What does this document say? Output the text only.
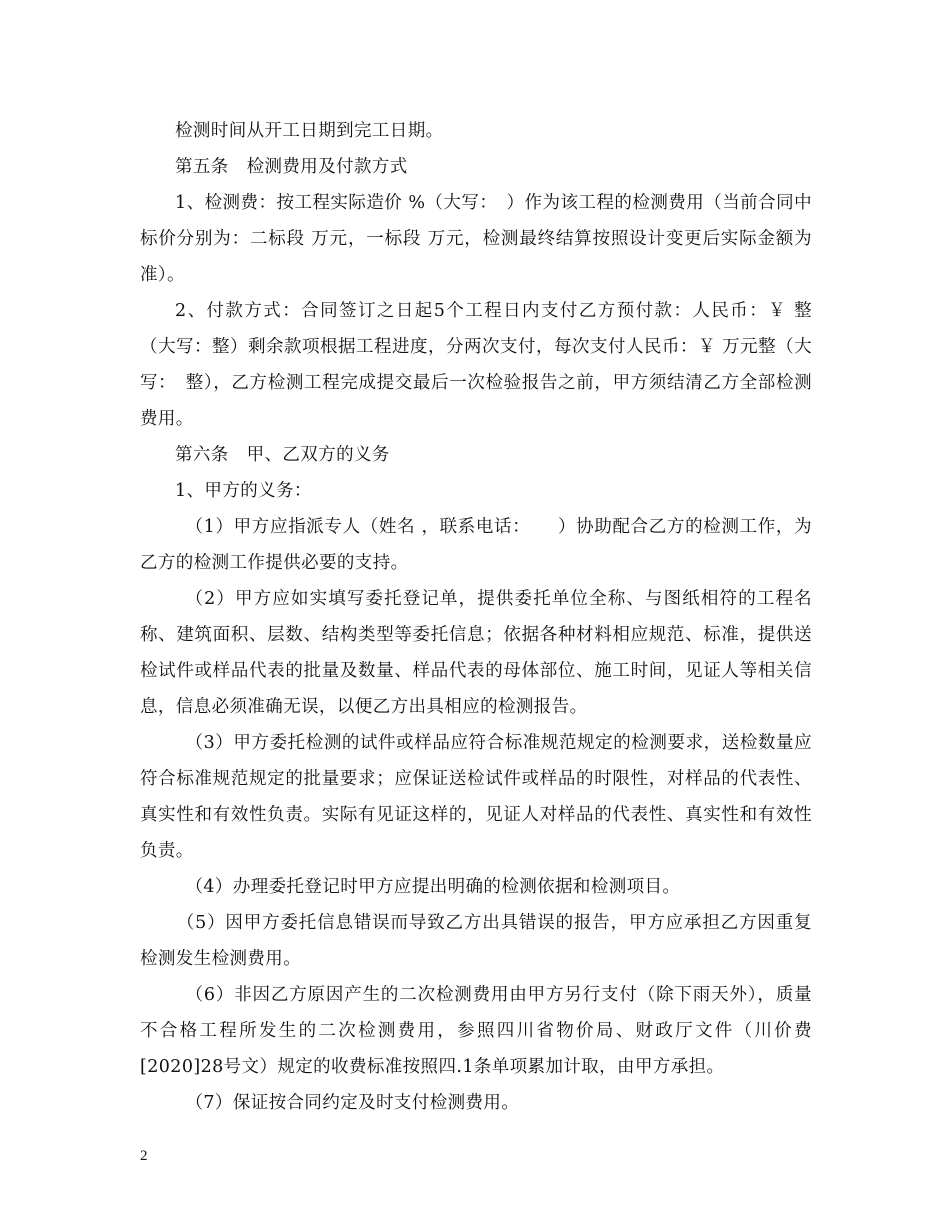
检测时间从开工日期到完工日期。

第五条　检测费用及付款方式

1、检测费：按工程实际造价 %（大写：　）作为该工程的检测费用（当前合同中标价分别为：二标段 万元，一标段 万元，检测最终结算按照设计变更后实际金额为准）。

2、付款方式：合同签订之日起5个工程日内支付乙方预付款：人民币：￥ 整（大写：整）剩余款项根据工程进度，分两次支付，每次支付人民币：￥ 万元整（大写：　整），乙方检测工程完成提交最后一次检验报告之前，甲方须结清乙方全部检测费用。

第六条　甲、乙双方的义务

1、甲方的义务：

（1）甲方应指派专人（姓名 ，联系电话：　　）协助配合乙方的检测工作，为乙方的检测工作提供必要的支持。

（2）甲方应如实填写委托登记单，提供委托单位全称、与图纸相符的工程名称、建筑面积、层数、结构类型等委托信息；依据各种材料相应规范、标准，提供送检试件或样品代表的批量及数量、样品代表的母体部位、施工时间，见证人等相关信息，信息必须准确无误，以便乙方出具相应的检测报告。

（3）甲方委托检测的试件或样品应符合标准规范规定的检测要求，送检数量应符合标准规范规定的批量要求；应保证送检试件或样品的时限性，对样品的代表性、真实性和有效性负责。实际有见证这样的，见证人对样品的代表性、真实性和有效性负责。

（4）办理委托登记时甲方应提出明确的检测依据和检测项目。

（5）因甲方委托信息错误而导致乙方出具错误的报告，甲方应承担乙方因重复检测发生检测费用。

（6）非因乙方原因产生的二次检测费用由甲方另行支付（除下雨天外），质量不合格工程所发生的二次检测费用，参照四川省物价局、财政厅文件（川价费[2020]28号文）规定的收费标准按照四.1条单项累加计取，由甲方承担。

（7）保证按合同约定及时支付检测费用。

2
